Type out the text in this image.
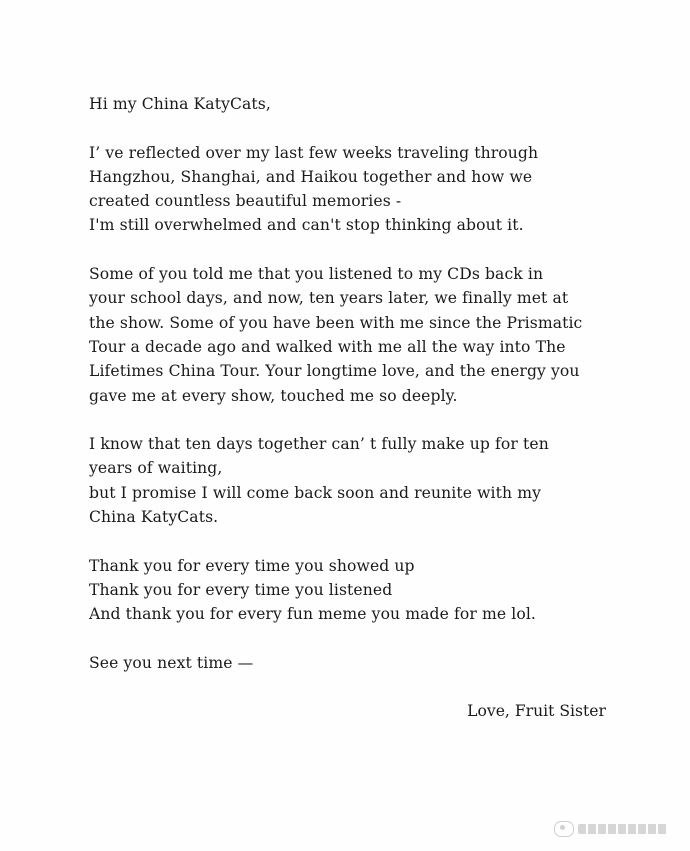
Hi my China KatyCats,
I’ ve reflected over my last few weeks traveling through
Hangzhou, Shanghai, and Haikou together and how we
created countless beautiful memories -
I'm still overwhelmed and can't stop thinking about it.
Some of you told me that you listened to my CDs back in
your school days, and now, ten years later, we finally met at
the show. Some of you have been with me since the Prismatic
Tour a decade ago and walked with me all the way into The
Lifetimes China Tour. Your longtime love, and the energy you
gave me at every show, touched me so deeply.
I know that ten days together can’ t fully make up for ten
years of waiting,
but I promise I will come back soon and reunite with my
China KatyCats.
Thank you for every time you showed up
Thank you for every time you listened
And thank you for every fun meme you made for me lol.
See you next time —
Love, Fruit Sister
